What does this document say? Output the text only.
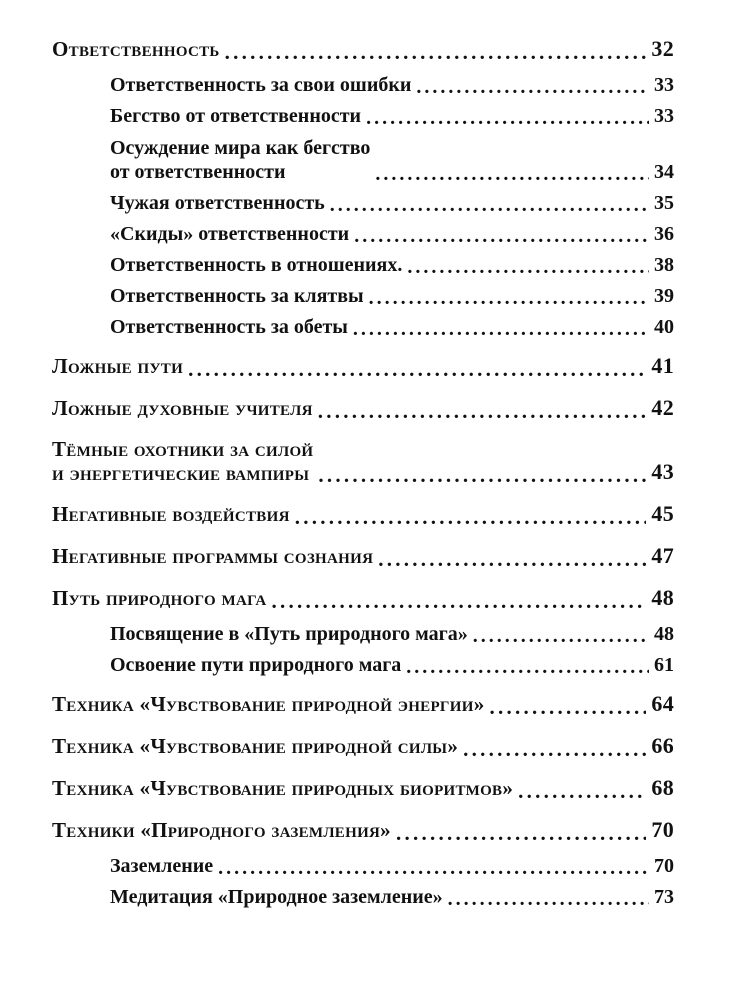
Ответственность . . .	32
Ответственность за свои ошибки . . .	33
Бегство от ответственности . . .	33
Осуждение мира как бегство
от ответственности . . .	34
Чужая ответственность . . .	35
«Скиды» ответственности . . .	36
Ответственность в отношениях. . . .	38
Ответственность за клятвы . . .	39
Ответственность за обеты . . .	40
Ложные пути . . .	41
Ложные духовные учителя . . .	42
Тёмные охотники за силой
и энергетические вампиры . . .	43
Негативные воздействия . . .	45
Негативные программы сознания . . .	47
Путь природного мага . . .	48
Посвящение в «Путь природного мага» . . .	48
Освоение пути природного мага . . .	61
Техника «Чувствование природной энергии» . . .	64
Техника «Чувствование природной силы» . . .	66
Техника «Чувствование природных биоритмов» . . .	68
Техники «Природного заземления» . . .	70
Заземление . . .	70
Медитация «Природное заземление» . . .	73
